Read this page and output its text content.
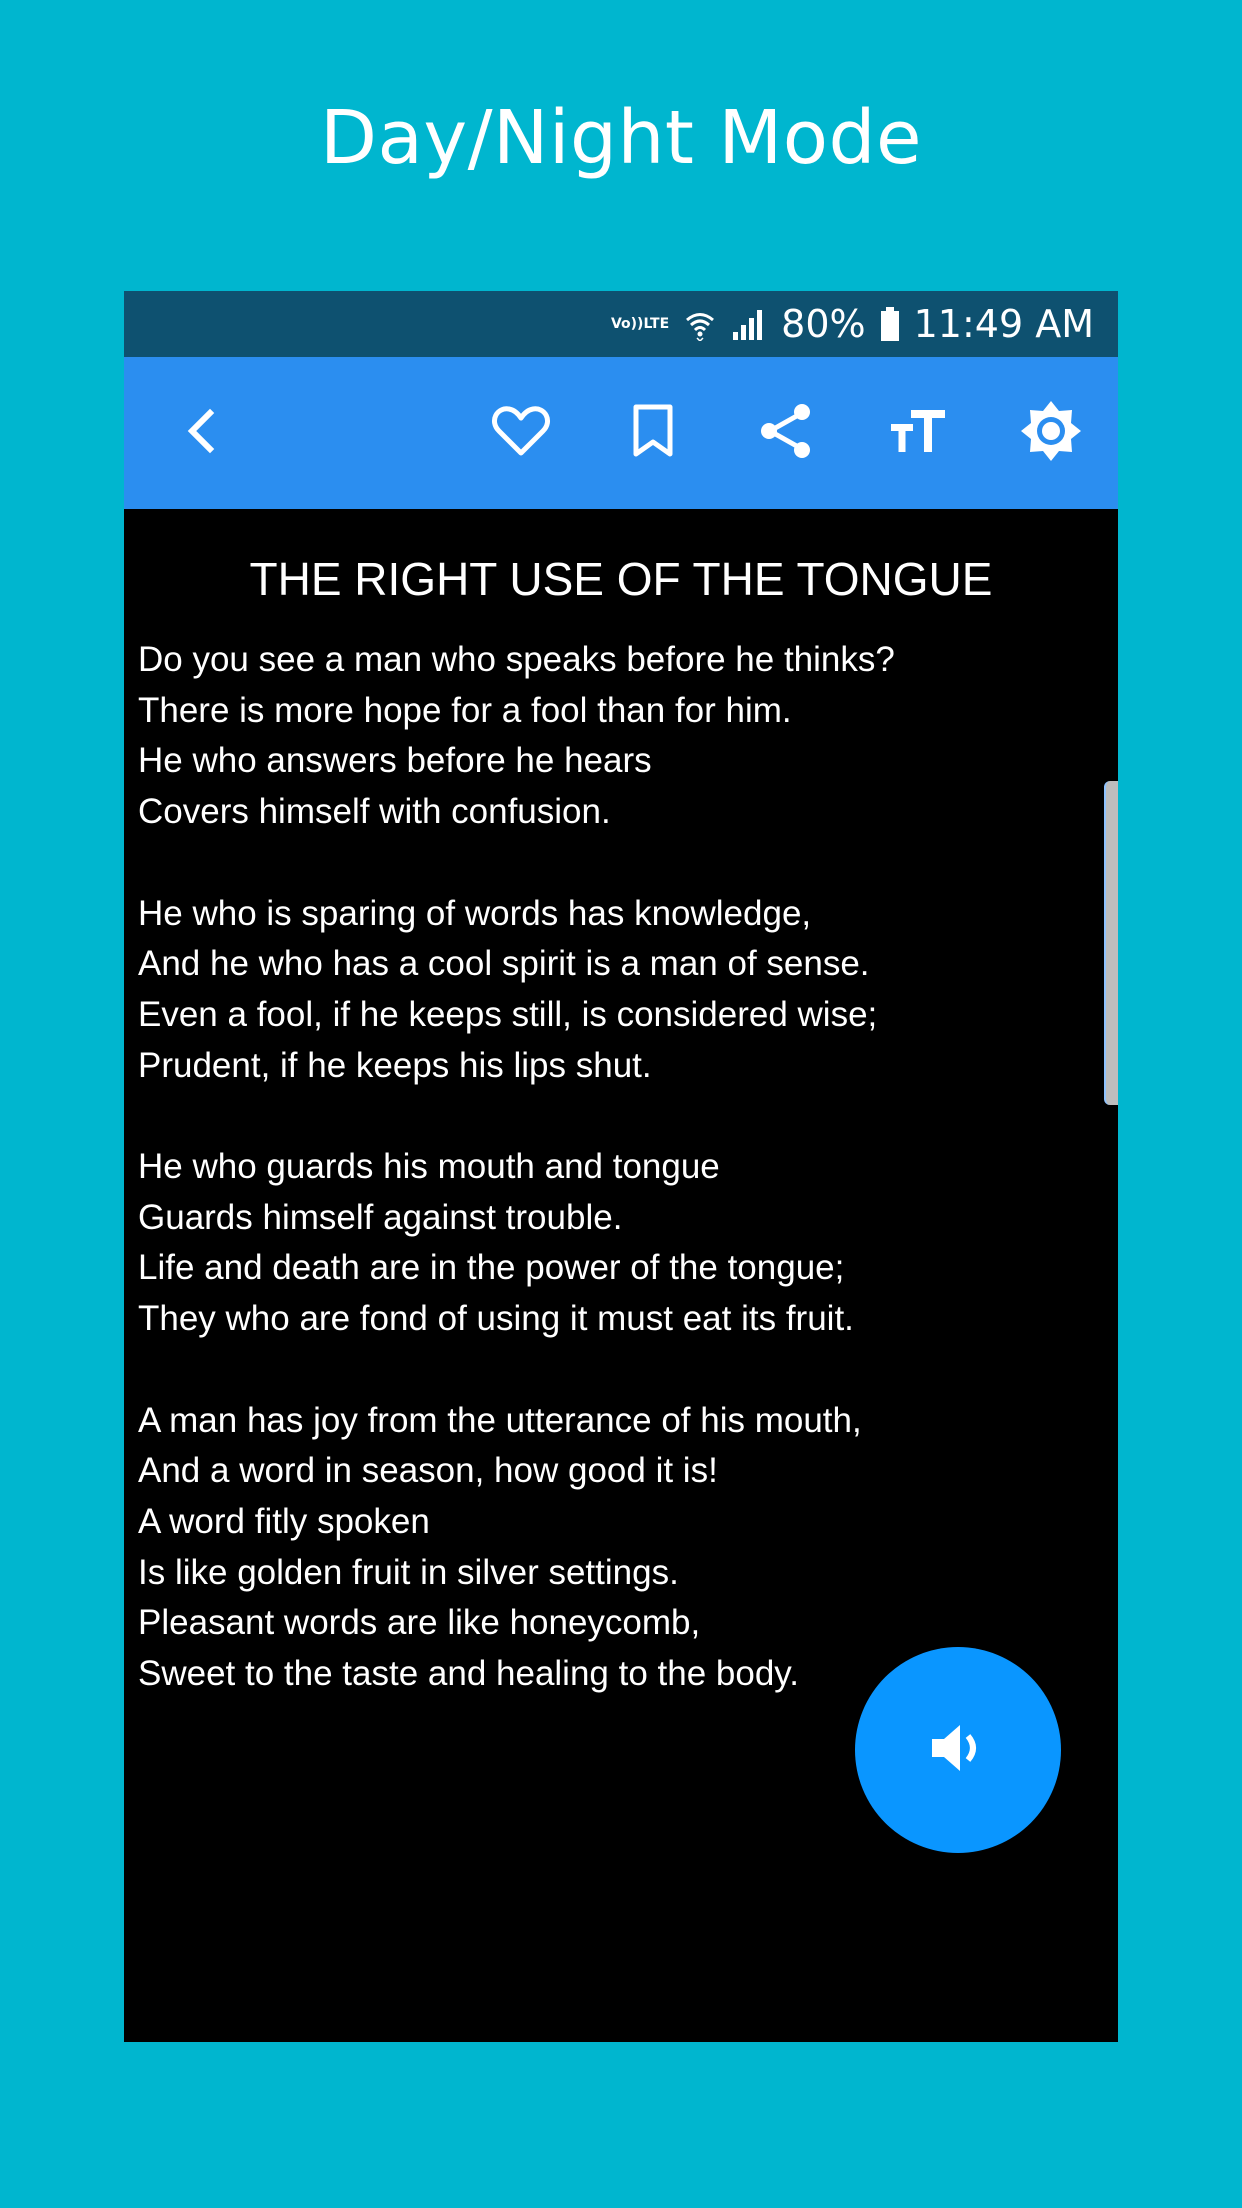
Day/Night Mode
Vo)) LTE	80% 11:49 AM
THE RIGHT USE OF THE TONGUE
Do you see a man who speaks before he thinks?
There is more hope for a fool than for him.
He who answers before he hears
Covers himself with confusion.
He who is sparing of words has knowledge,
And he who has a cool spirit is a man of sense.
Even a fool, if he keeps still, is considered wise;
Prudent, if he keeps his lips shut.
He who guards his mouth and tongue
Guards himself against trouble.
Life and death are in the power of the tongue;
They who are fond of using it must eat its fruit.
A man has joy from the utterance of his mouth,
And a word in season, how good it is!
A word fitly spoken
Is like golden fruit in silver settings.
Pleasant words are like honeycomb,
Sweet to the taste and healing to the body.
